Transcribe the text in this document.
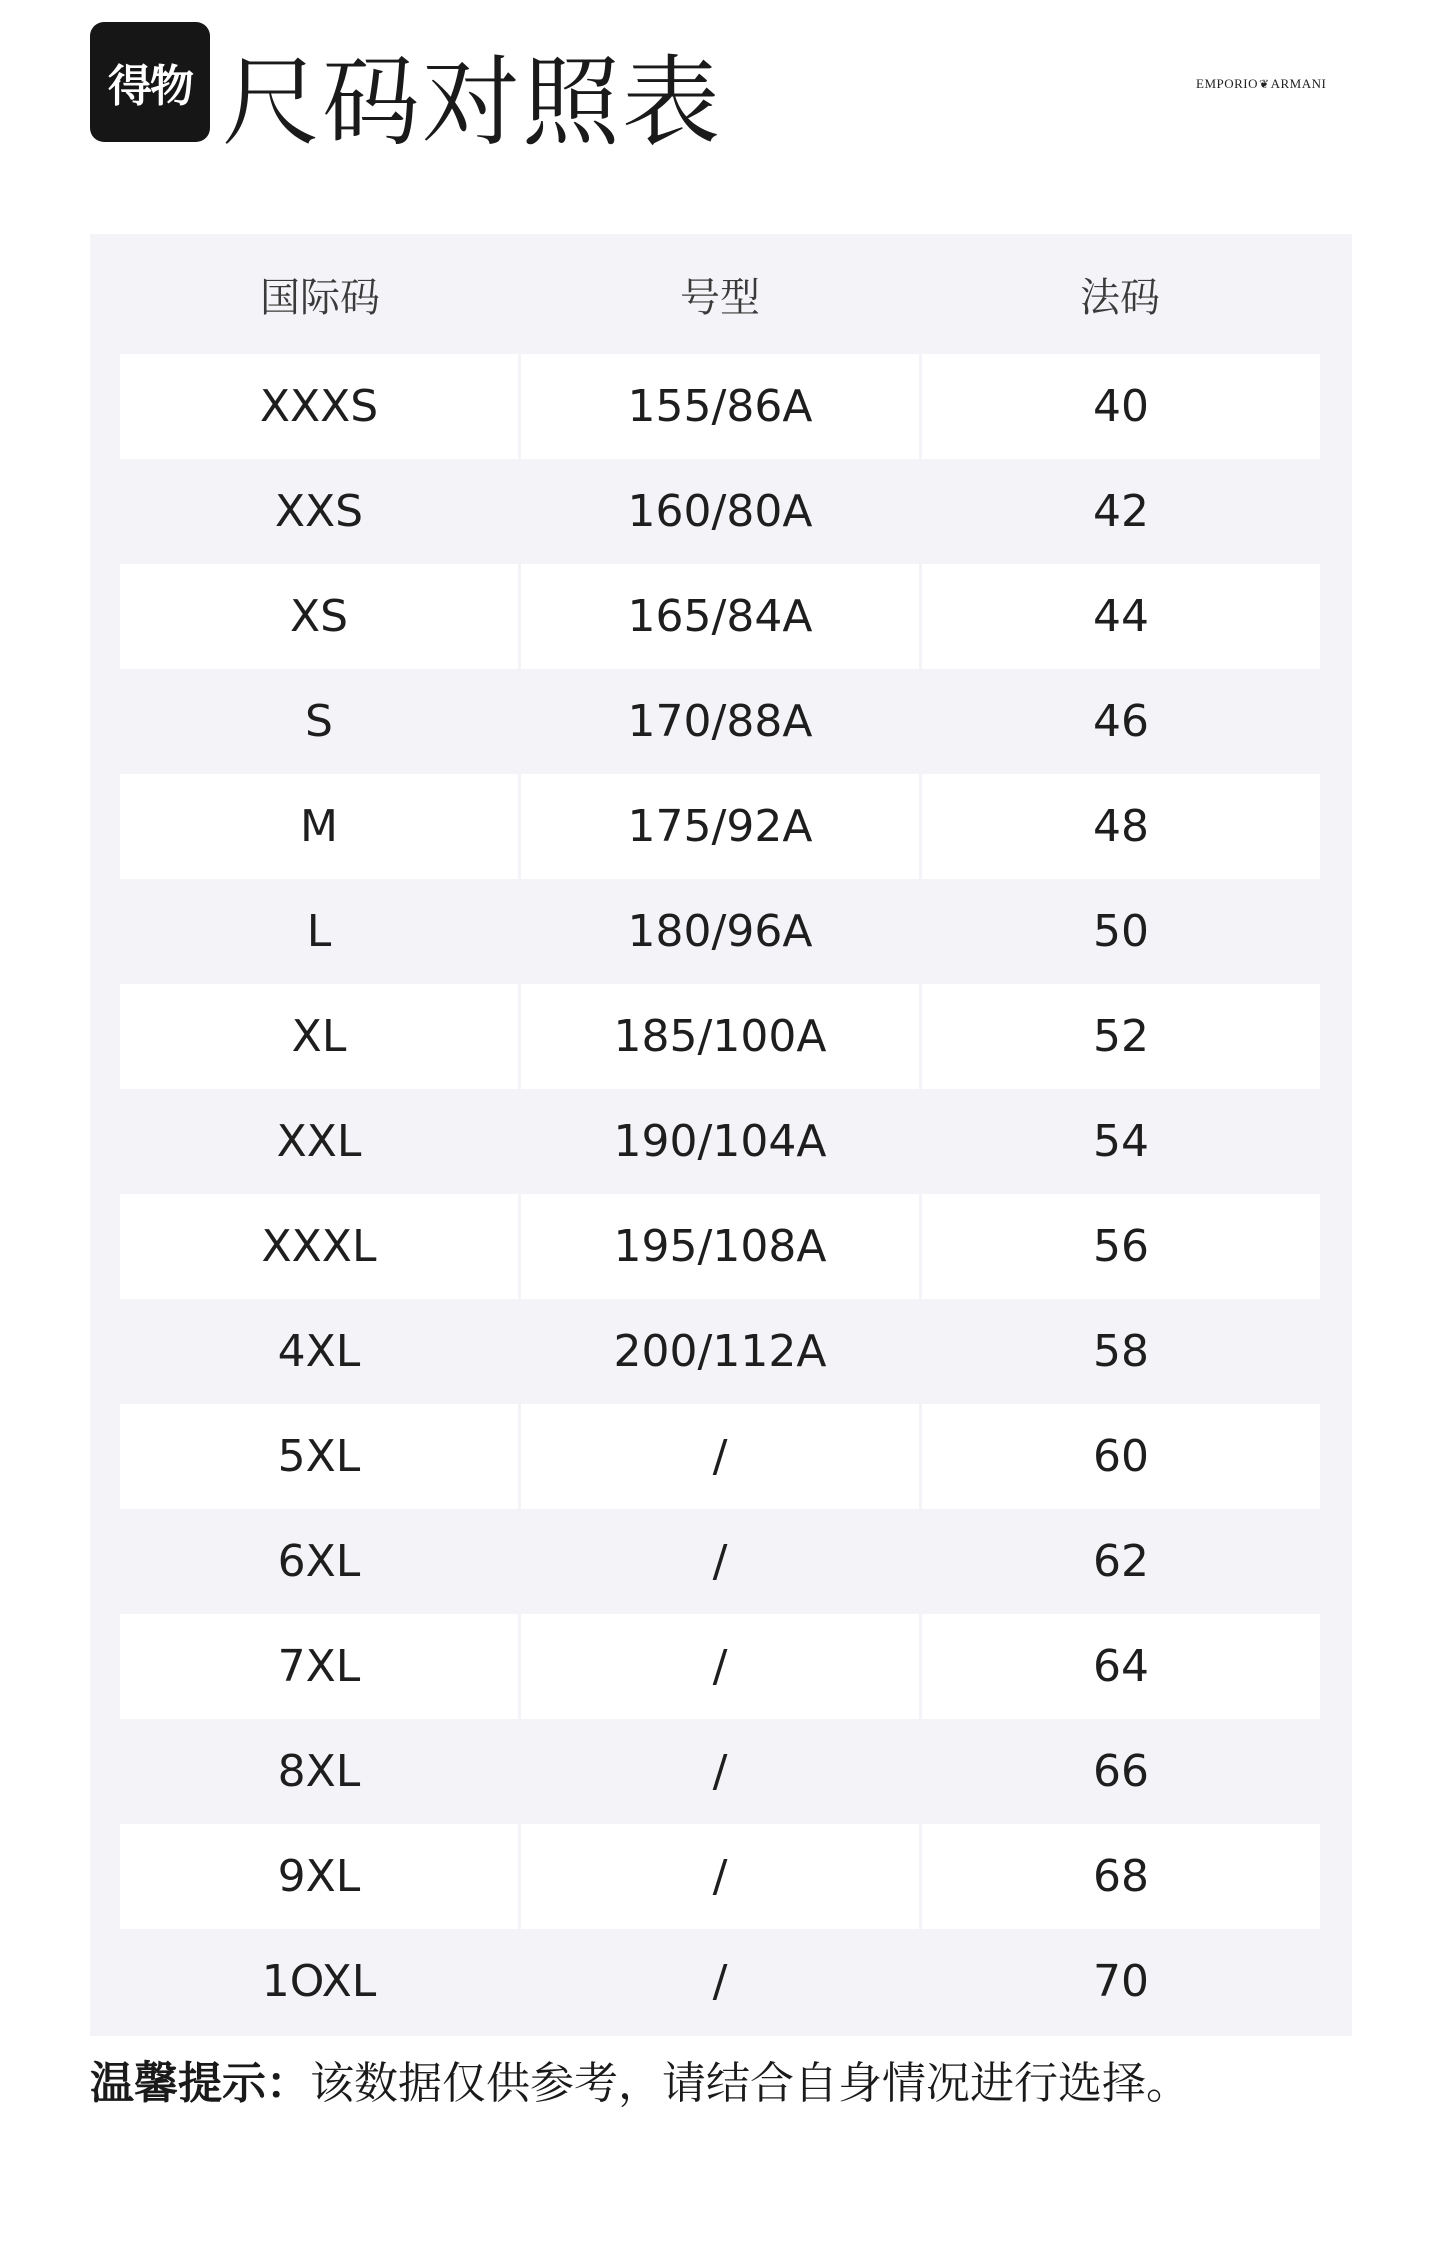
得物 尺码对照表	EMPORIO❦ARMANI
国际码	号型	法码
XXXS	155/86A	40
XXS	160/80A	42
XS	165/84A	44
S	170/88A	46
M	175/92A	48
L	180/96A	50
XL	185/100A	52
XXL	190/104A	54
XXXL	195/108A	56
4XL	200/112A	58
5XL	/	60
6XL	/	62
7XL	/	64
8XL	/	66
9XL	/	68
1OXL	/	70
温馨提示：该数据仅供参考，请结合自身情况进行选择。
